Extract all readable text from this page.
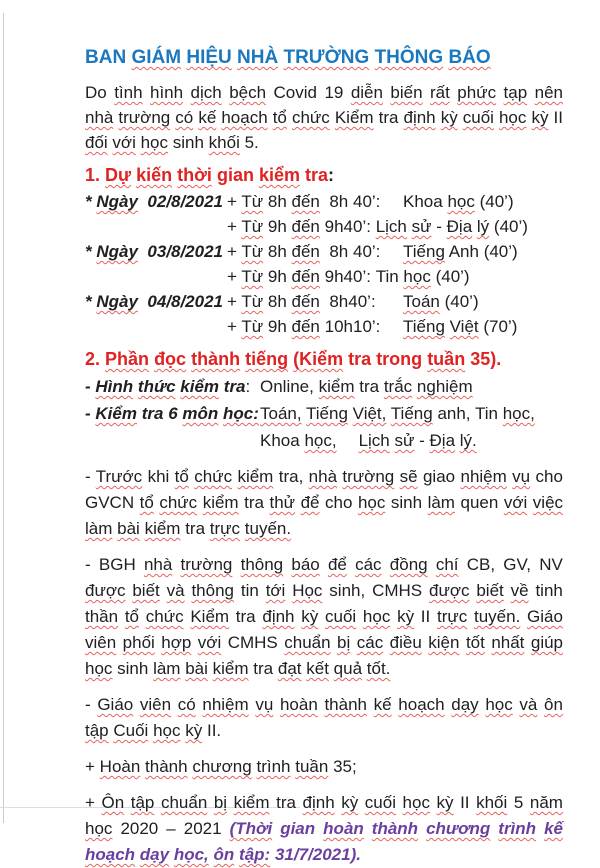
BAN GIÁM HIỆU NHÀ TRƯỜNG THÔNG BÁO

Do tình hình dịch bệch Covid 19 diễn biến rất phức tạp nên nhà trường có kế hoạch tổ chức Kiểm tra định kỳ cuối học kỳ II đối với học sinh khối 5.

1. Dự kiến thời gian kiểm tra:
* Ngày 02/8/2021 + Từ 8h đến 8h 40’: Khoa học (40’)
+ Từ 9h đến 9h40’: Lịch sử - Địa lý (40’)
* Ngày 03/8/2021 + Từ 8h đến 8h 40’: Tiếng Anh (40’)
+ Từ 9h đến 9h40’: Tin học (40’)
* Ngày 04/8/2021 + Từ 8h đến 8h40’: Toán (40’)
+ Từ 9h đến 10h10’: Tiếng Việt (70’)
2. Phần đọc thành tiếng (Kiểm tra trong tuần 35).
- Hình thức kiểm tra: Online, kiểm tra trắc nghiệm
- Kiểm tra 6 môn học: Toán, Tiếng Việt, Tiếng anh, Tin học,
Khoa học, Lịch sử - Địa lý.

- Trước khi tổ chức kiểm tra, nhà trường sẽ giao nhiệm vụ cho GVCN tổ chức kiểm tra thử để cho học sinh làm quen với việc làm bài kiểm tra trực tuyến.

- BGH nhà trường thông báo để các đồng chí CB, GV, NV được biết và thông tin tới Học sinh, CMHS được biết về tinh thần tổ chức Kiểm tra định kỳ cuối học kỳ II trực tuyến. Giáo viên phối hợp với CMHS chuẩn bị các điều kiện tốt nhất giúp học sinh làm bài kiểm tra đạt kết quả tốt.

- Giáo viên có nhiệm vụ hoàn thành kế hoạch dạy học và ôn tập Cuối học kỳ II.

+ Hoàn thành chương trình tuần 35;

+ Ôn tập chuẩn bị kiểm tra định kỳ cuối học kỳ II khối 5 năm học 2020 – 2021 (Thời gian hoàn thành chương trình kế hoạch dạy học, ôn tập: 31/7/2021).
